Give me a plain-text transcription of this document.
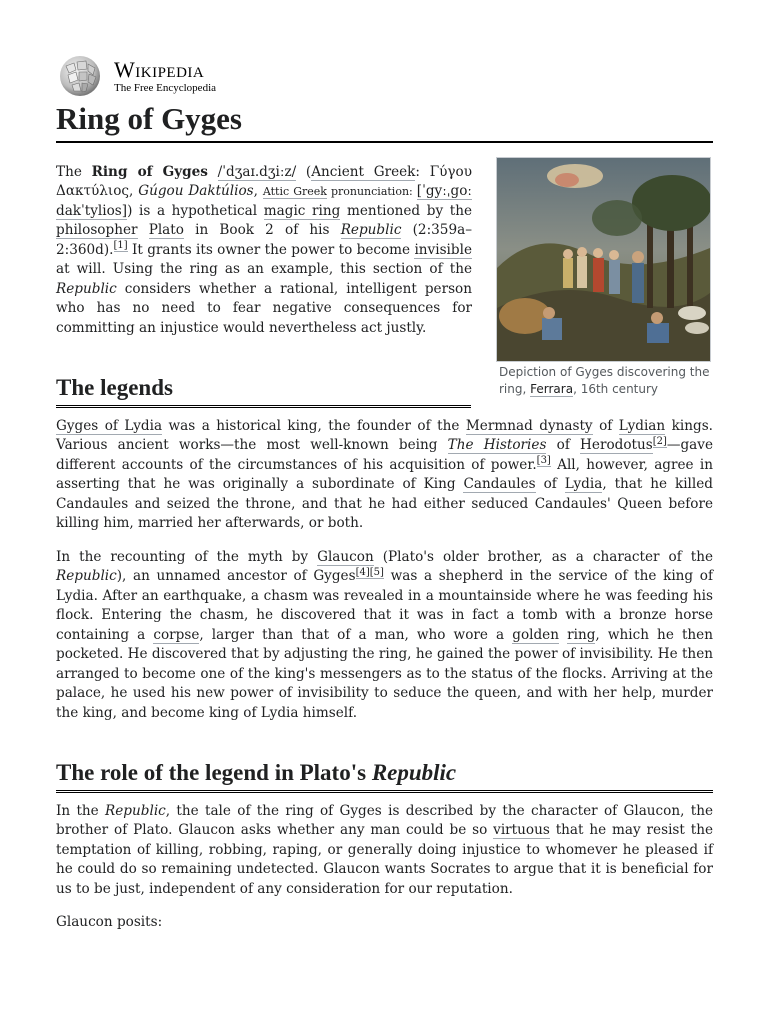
Wikipedia
The Free Encyclopedia
Ring of Gyges
Depiction of Gyges discovering the ring, Ferrara, 16th century

The Ring of Gyges /ˈdʒaɪ.dʒiːz/ (Ancient Greek: Γύγου Δακτύλιος, Gúgou Daktúlios, Attic Greek pronunciation: [ˈgyːˌgoː dakˈtylios]) is a hypothetical magic ring mentioned by the philosopher Plato in Book 2 of his Republic (2:359a–2:360d).[1] It grants its owner the power to become invisible at will. Using the ring as an example, this section of the Republic considers whether a rational, intelligent person who has no need to fear negative consequences for committing an injustice would nevertheless act justly.

The legends

Gyges of Lydia was a historical king, the founder of the Mermnad dynasty of Lydian kings. Various ancient works—the most well-known being The Histories of Herodotus[2]—gave different accounts of the circumstances of his acquisition of power.[3] All, however, agree in asserting that he was originally a subordinate of King Candaules of Lydia, that he killed Candaules and seized the throne, and that he had either seduced Candaules' Queen before killing him, married her afterwards, or both.

In the recounting of the myth by Glaucon (Plato's older brother, as a character of the Republic), an unnamed ancestor of Gyges[4][5] was a shepherd in the service of the king of Lydia. After an earthquake, a chasm was revealed in a mountainside where he was feeding his flock. Entering the chasm, he discovered that it was in fact a tomb with a bronze horse containing a corpse, larger than that of a man, who wore a golden ring, which he then pocketed. He discovered that by adjusting the ring, he gained the power of invisibility. He then arranged to become one of the king's messengers as to the status of the flocks. Arriving at the palace, he used his new power of invisibility to seduce the queen, and with her help, murder the king, and become king of Lydia himself.

The role of the legend in Plato's Republic

In the Republic, the tale of the ring of Gyges is described by the character of Glaucon, the brother of Plato. Glaucon asks whether any man could be so virtuous that he may resist the temptation of killing, robbing, raping, or generally doing injustice to whomever he pleased if he could do so remaining undetected. Glaucon wants Socrates to argue that it is beneficial for us to be just, independent of any consideration for our reputation.

Glaucon posits:
